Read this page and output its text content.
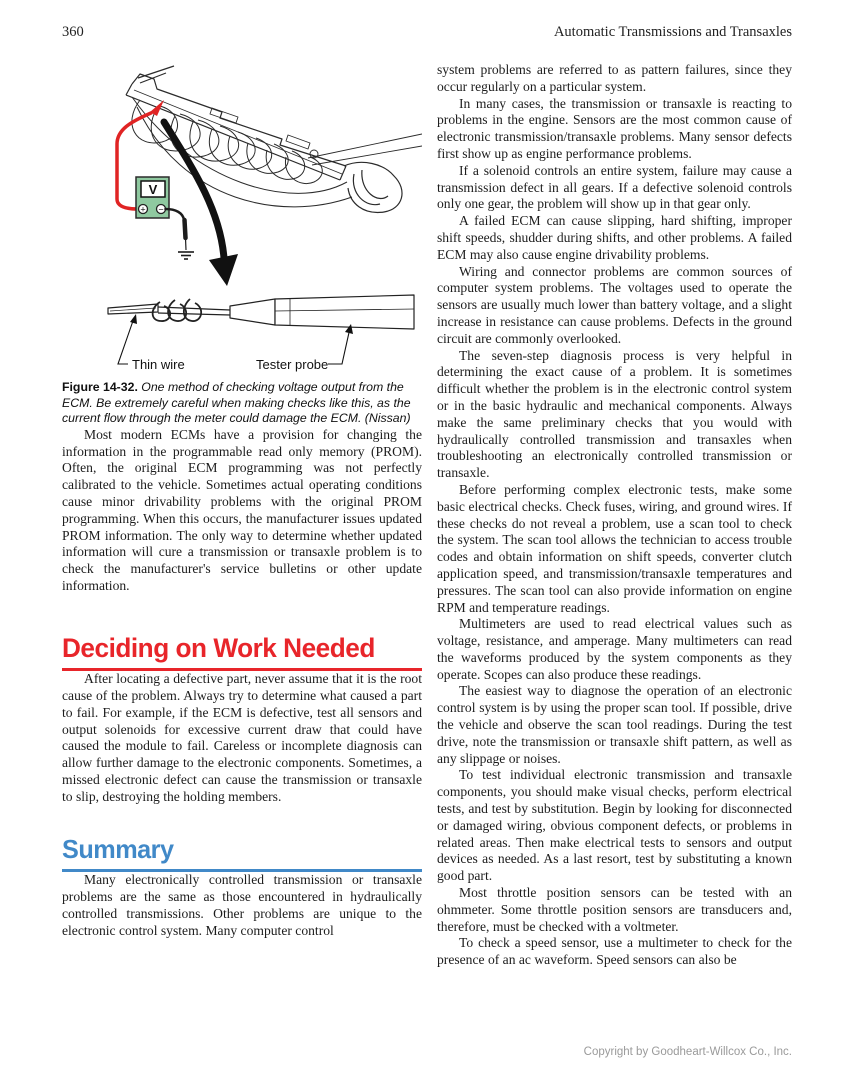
360	Automatic Transmissions and Transaxles
V
+ −
Thin wire	Tester probe

Figure 14-32. One method of checking voltage output from the ECM. Be extremely careful when making checks like this, as the current flow through the meter could damage the ECM. (Nissan)

Most modern ECMs have a provision for changing the information in the programmable read only memory (PROM). Often, the original ECM programming was not perfectly calibrated to the vehicle. Sometimes actual operating conditions cause minor drivability problems with the original PROM programming. When this occurs, the manufacturer issues updated PROM information. The only way to determine whether updated information will cure a transmission or transaxle problem is to check the manufacturer's service bulletins or other update information.

Deciding on Work Needed

After locating a defective part, never assume that it is the root cause of the problem. Always try to determine what caused a part to fail. For example, if the ECM is defective, test all sensors and output solenoids for excessive current draw that could have caused the module to fail. Careless or incomplete diagnosis can allow further damage to the electronic components. Sometimes, a missed electronic defect can cause the transmission or transaxle to slip, destroying the holding members.

Summary

Many electronically controlled transmission or transaxle problems are the same as those encountered in hydraulically controlled transmissions. Other problems are unique to the electronic control system. Many computer control

system problems are referred to as pattern failures, since they occur regularly on a particular system.

In many cases, the transmission or transaxle is reacting to problems in the engine. Sensors are the most common cause of electronic transmission/transaxle problems. Many sensor defects first show up as engine performance problems.

If a solenoid controls an entire system, failure may cause a transmission defect in all gears. If a defective solenoid controls only one gear, the problem will show up in that gear only.

A failed ECM can cause slipping, hard shifting, improper shift speeds, shudder during shifts, and other problems. A failed ECM may also cause engine drivability problems.

Wiring and connector problems are common sources of computer system problems. The voltages used to operate the sensors are usually much lower than battery voltage, and a slight increase in resistance can cause problems. Defects in the ground circuit are commonly overlooked.

The seven-step diagnosis process is very helpful in determining the exact cause of a problem. It is sometimes difficult whether the problem is in the electronic control system or in the basic hydraulic and mechanical components. Always make the same preliminary checks that you would with hydraulically controlled transmission and transaxles when troubleshooting an electronically controlled transmission or transaxle.

Before performing complex electronic tests, make some basic electrical checks. Check fuses, wiring, and ground wires. If these checks do not reveal a problem, use a scan tool to check the system. The scan tool allows the technician to access trouble codes and obtain information on shift speeds, converter clutch application speed, and transmission/transaxle temperatures and pressures. The scan tool can also provide information on engine RPM and temperature readings.

Multimeters are used to read electrical values such as voltage, resistance, and amperage. Many multimeters can read the waveforms produced by the system components as they operate. Scopes can also produce these readings.

The easiest way to diagnose the operation of an electronic control system is by using the proper scan tool. If possible, drive the vehicle and observe the scan tool readings. During the test drive, note the transmission or transaxle shift pattern, as well as any slippage or noises.

To test individual electronic transmission and transaxle components, you should make visual checks, perform electrical tests, and test by substitution. Begin by looking for disconnected or damaged wiring, obvious component defects, or problems in related areas. Then make electrical tests to sensors and output devices as needed. As a last resort, test by substituting a known good part.

Most throttle position sensors can be tested with an ohmmeter. Some throttle position sensors are transducers and, therefore, must be checked with a voltmeter.

To check a speed sensor, use a multimeter to check for the presence of an ac waveform. Speed sensors can also be

Copyright by Goodheart-Willcox Co., Inc.
